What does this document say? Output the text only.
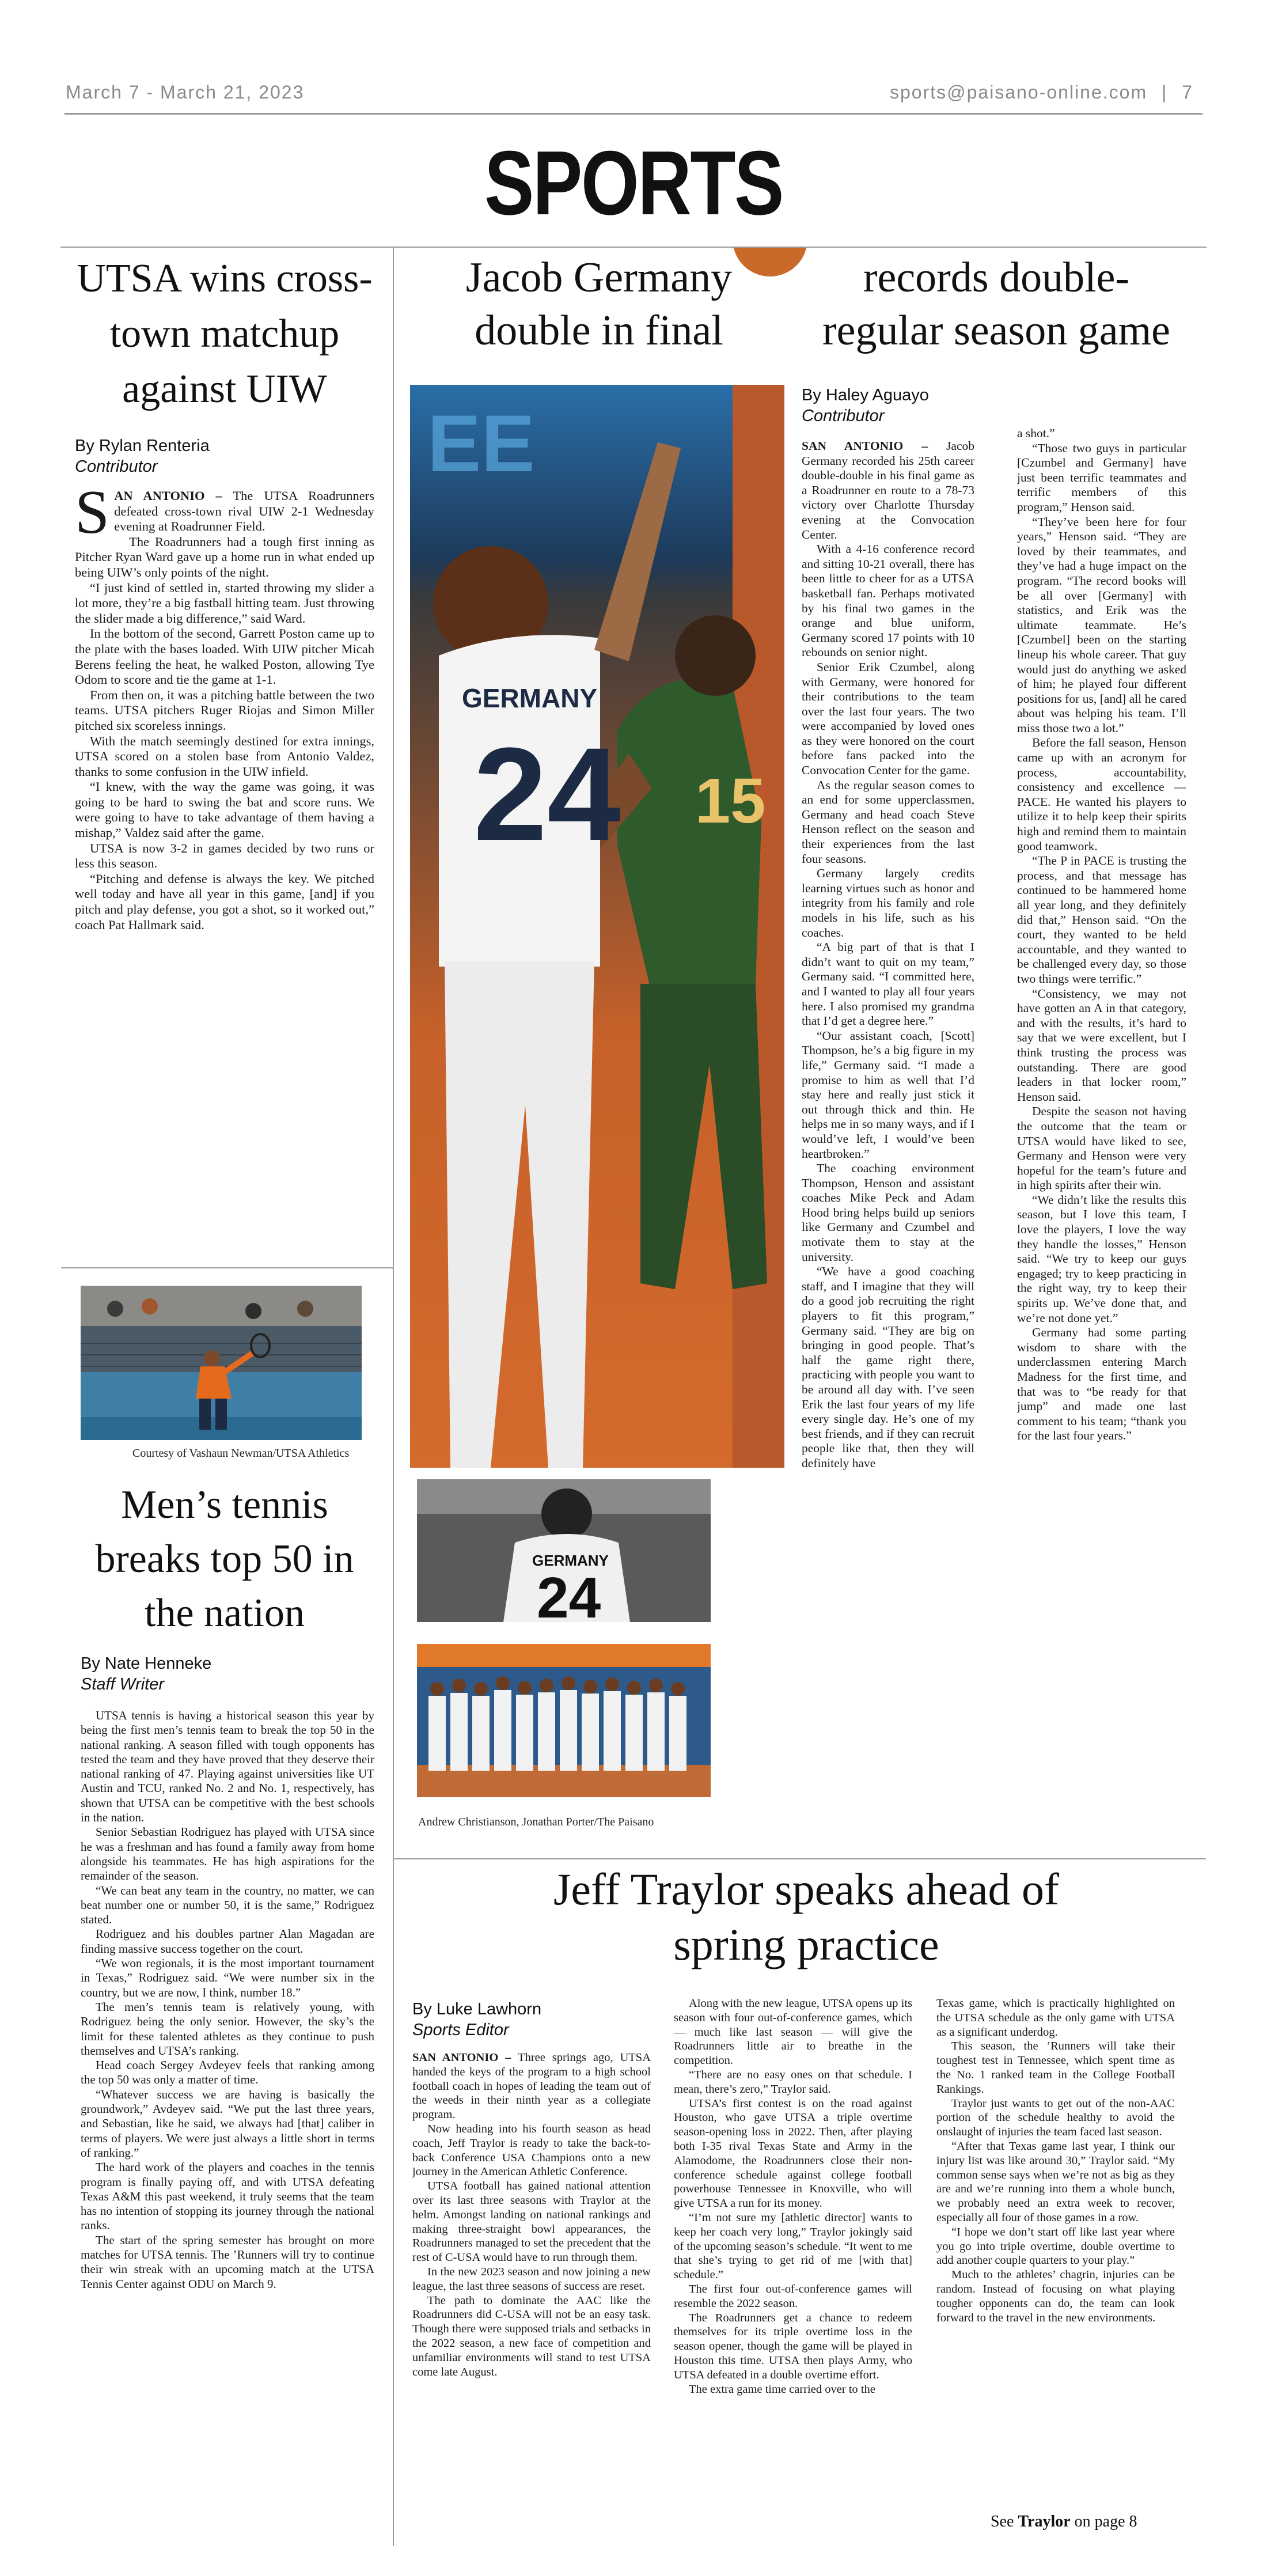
March 7 - March 21, 2023	sports@paisano-online.com | 7
SPORTS
UTSA wins cross-town matchup against UIW
By Rylan Renteria
Contributor
S AN ANTONIO – The UTSA Roadrunners defeated cross-town rival UIW 2-1 Wednesday evening at Roadrunner Field.

The Roadrunners had a tough first inning as Pitcher Ryan Ward gave up a home run in what ended up being UIW’s only points of the night.

“I just kind of settled in, started throwing my slider a lot more, they’re a big fastball hitting team. Just throwing the slider made a big difference,” said Ward.

In the bottom of the second, Garrett Poston came up to the plate with the bases loaded. With UIW pitcher Micah Berens feeling the heat, he walked Poston, allowing Tye Odom to score and tie the game at 1-1.

From then on, it was a pitching battle between the two teams. UTSA pitchers Ruger Riojas and Simon Miller pitched six scoreless innings.

With the match seemingly destined for extra innings, UTSA scored on a stolen base from Antonio Valdez, thanks to some confusion in the UIW infield.

“I knew, with the way the game was going, it was going to be hard to swing the bat and score runs. We were going to have to take advantage of them having a mishap,” Valdez said after the game.

UTSA is now 3-2 in games decided by two runs or less this season.

“Pitching and defense is always the key. We pitched well today and have all year in this game, [and] if you pitch and play defense, you got a shot, so it worked out,” coach Pat Hallmark said.

Courtesy of Vashaun Newman/UTSA Athletics
Men’s tennis breaks top 50 in the nation
By Nate Henneke
Staff Writer

UTSA tennis is having a historical season this year by being the first men’s tennis team to break the top 50 in the national ranking. A season filled with tough opponents has tested the team and they have proved that they deserve their national ranking of 47. Playing against universities like UT Austin and TCU, ranked No. 2 and No. 1, respectively, has shown that UTSA can be competitive with the best schools in the nation.

Senior Sebastian Rodriguez has played with UTSA since he was a freshman and has found a family away from home alongside his teammates. He has high aspirations for the remainder of the season.

“We can beat any team in the country, no matter, we can beat number one or number 50, it is the same,” Rodriguez stated.

Rodriguez and his doubles partner Alan Magadan are finding massive success together on the court.

“We won regionals, it is the most important tournament in Texas,” Rodriguez said. “We were number six in the country, but we are now, I think, number 18.”

The men’s tennis team is relatively young, with Rodriguez being the only senior. However, the sky’s the limit for these talented athletes as they continue to push themselves and UTSA’s ranking.

Head coach Sergey Avdeyev feels that ranking among the top 50 was only a matter of time.

“Whatever success we are having is basically the groundwork,” Avdeyev said. “We put the last three years, and Sebastian, like he said, we always had [that] caliber in terms of players. We were just always a little short in terms of ranking.”

The hard work of the players and coaches in the tennis program is finally paying off, and with UTSA defeating Texas A&M this past weekend, it truly seems that the team has no intention of stopping its journey through the national ranks.

The start of the spring semester has brought on more matches for UTSA tennis. The ’Runners will try to continue their win streak with an upcoming match at the UTSA Tennis Center against ODU on March 9.

Jacob Germany double in final
records double-regular season game
EE
15
GERMANY
24
GERMANY
24
Andrew Christianson, Jonathan Porter/The Paisano
By Haley Aguayo
Contributor

SAN ANTONIO – Jacob Germany recorded his 25th career double-double in his final game as a Roadrunner en route to a 78-73 victory over Charlotte Thursday evening at the Convocation Center.

With a 4-16 conference record and sitting 10-21 overall, there has been little to cheer for as a UTSA basketball fan. Perhaps motivated by his final two games in the orange and blue uniform, Germany scored 17 points with 10 rebounds on senior night.

Senior Erik Czumbel, along with Germany, were honored for their contributions to the team over the last four years. The two were accompanied by loved ones as they were honored on the court before fans packed into the Convocation Center for the game.

As the regular season comes to an end for some upperclassmen, Germany and head coach Steve Henson reflect on the season and their experiences from the last four seasons.

Germany largely credits learning virtues such as honor and integrity from his family and role models in his life, such as his coaches.

“A big part of that is that I didn’t want to quit on my team,” Germany said. “I committed here, and I wanted to play all four years here. I also promised my grandma that I’d get a degree here.”

“Our assistant coach, [Scott] Thompson, he’s a big figure in my life,” Germany said. “I made a promise to him as well that I’d stay here and really just stick it out through thick and thin. He helps me in so many ways, and if I would’ve left, I would’ve been heartbroken.”

The coaching environment Thompson, Henson and assistant coaches Mike Peck and Adam Hood bring helps build up seniors like Germany and Czumbel and motivate them to stay at the university.

“We have a good coaching staff, and I imagine that they will do a good job recruiting the right players to fit this program,” Germany said. “They are big on bringing in good people. That’s half the game right there, practicing with people you want to be around all day with. I’ve seen Erik the last four years of my life every single day. He’s one of my best friends, and if they can recruit people like that, then they will definitely have

a shot.”

“Those two guys in particular [Czumbel and Germany] have just been terrific teammates and terrific members of this program,” Henson said.

“They’ve been here for four years,” Henson said. “They are loved by their teammates, and they’ve had a huge impact on the program. “The record books will be all over [Germany] with statistics, and Erik was the ultimate teammate. He’s [Czumbel] been on the starting lineup his whole career. That guy would just do anything we asked of him; he played four different positions for us, [and] all he cared about was helping his team. I’ll miss those two a lot.”

Before the fall season, Henson came up with an acronym for process, accountability, consistency and excellence — PACE. He wanted his players to utilize it to help keep their spirits high and remind them to maintain good teamwork.

“The P in PACE is trusting the process, and that message has continued to be hammered home all year long, and they definitely did that,” Henson said. “On the court, they wanted to be held accountable, and they wanted to be challenged every day, so those two things were terrific.”

“Consistency, we may not have gotten an A in that category, and with the results, it’s hard to say that we were excellent, but I think trusting the process was outstanding. There are good leaders in that locker room,” Henson said.

Despite the season not having the outcome that the team or UTSA would have liked to see, Germany and Henson were very hopeful for the team’s future and in high spirits after their win.

“We didn’t like the results this season, but I love this team, I love the players, I love the way they handle the losses,” Henson said. “We try to keep our guys engaged; try to keep practicing in the right way, try to keep their spirits up. We’ve done that, and we’re not done yet.”

Germany had some parting wisdom to share with the underclassmen entering March Madness for the first time, and that was to “be ready for that jump” and made one last comment to his team; “thank you for the last four years.”

Jeff Traylor speaks ahead of spring practice
By Luke Lawhorn
Sports Editor

SAN ANTONIO – Three springs ago, UTSA handed the keys of the program to a high school football coach in hopes of leading the team out of the weeds in their ninth year as a collegiate program.

Now heading into his fourth season as head coach, Jeff Traylor is ready to take the back-to-back Conference USA Champions onto a new journey in the American Athletic Conference.

UTSA football has gained national attention over its last three seasons with Traylor at the helm. Amongst landing on national rankings and making three-straight bowl appearances, the Roadrunners managed to set the precedent that the rest of C-USA would have to run through them.

In the new 2023 season and now joining a new league, the last three seasons of success are reset.

The path to dominate the AAC like the Roadrunners did C-USA will not be an easy task. Though there were supposed trials and setbacks in the 2022 season, a new face of competition and unfamiliar environments will stand to test UTSA come late August.

Along with the new league, UTSA opens up its season with four out-of-conference games, which — much like last season — will give the Roadrunners little air to breathe in the competition.

“There are no easy ones on that schedule. I mean, there’s zero,” Traylor said.

UTSA’s first contest is on the road against Houston, who gave UTSA a triple overtime season-opening loss in 2022. Then, after playing both I-35 rival Texas State and Army in the Alamodome, the Roadrunners close their non-conference schedule against college football powerhouse Tennessee in Knoxville, who will give UTSA a run for its money.

“I’m not sure my [athletic director] wants to keep her coach very long,” Traylor jokingly said of the upcoming season’s schedule. “It went to me that she’s trying to get rid of me [with that] schedule.”

The first four out-of-conference games will resemble the 2022 season.

The Roadrunners get a chance to redeem themselves for its triple overtime loss in the season opener, though the game will be played in Houston this time. UTSA then plays Army, who UTSA defeated in a double overtime effort.

The extra game time carried over to the

Texas game, which is practically highlighted on the UTSA schedule as the only game with UTSA as a significant underdog.

This season, the ’Runners will take their toughest test in Tennessee, which spent time as the No. 1 ranked team in the College Football Rankings.

Traylor just wants to get out of the non-AAC portion of the schedule healthy to avoid the onslaught of injuries the team faced last season.

“After that Texas game last year, I think our injury list was like around 30,” Traylor said. “My common sense says when we’re not as big as they are and we’re running into them a whole bunch, we probably need an extra week to recover, especially all four of those games in a row.

“I hope we don’t start off like last year where you go into triple overtime, double overtime to add another couple quarters to your play.”

Much to the athletes’ chagrin, injuries can be random. Instead of focusing on what playing tougher opponents can do, the team can look forward to the travel in the new environments.

See Traylor on page 8
